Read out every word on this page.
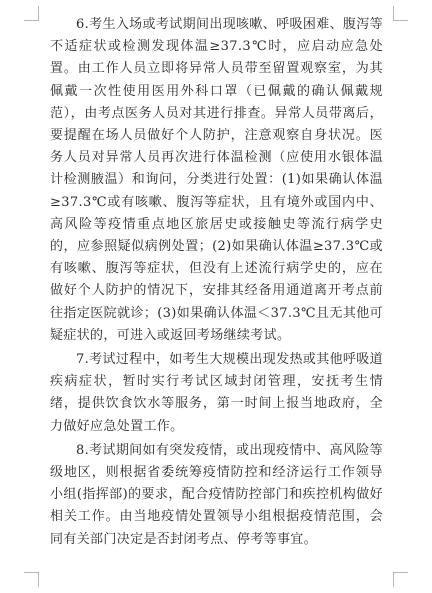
6.考生入场或考试期间出现咳嗽、呼吸困难、腹泻等不适症状或检测发现体温≥37.3℃时，应启动应急处置。由工作人员立即将异常人员带至留置观察室，为其佩戴一次性使用医用外科口罩（已佩戴的确认佩戴规范），由考点医务人员对其进行排查。异常人员带离后，要提醒在场人员做好个人防护，注意观察自身状况。医务人员对异常人员再次进行体温检测（应使用水银体温计检测腋温）和询问，分类进行处置：(1)如果确认体温≥37.3℃或有咳嗽、腹泻等症状，且有境外或国内中、高风险等疫情重点地区旅居史或接触史等流行病学史的，应参照疑似病例处置；(2)如果确认体温≥37.3℃或有咳嗽、腹泻等症状，但没有上述流行病学史的，应在做好个人防护的情况下，安排其经备用通道离开考点前往指定医院就诊；(3)如果确认体温＜37.3℃且无其他可疑症状的，可进入或返回考场继续考试。

7.考试过程中，如考生大规模出现发热或其他呼吸道疾病症状，暂时实行考试区域封闭管理，安抚考生情绪，提供饮食饮水等服务，第一时间上报当地政府，全力做好应急处置工作。

8.考试期间如有突发疫情，或出现疫情中、高风险等级地区，则根据省委统筹疫情防控和经济运行工作领导小组(指挥部)的要求，配合疫情防控部门和疾控机构做好相关工作。由当地疫情处置领导小组根据疫情范围，会同有关部门决定是否封闭考点、停考等事宜。
